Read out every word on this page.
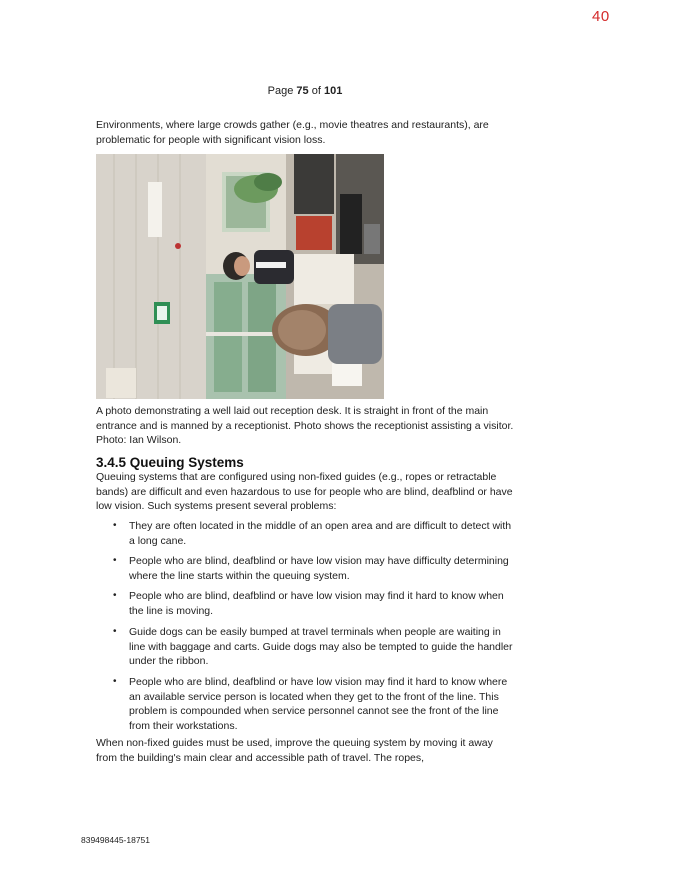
40
Page 75 of 101
Environments, where large crowds gather (e.g., movie theatres and restaurants), are problematic for people with significant vision loss.
A photo demonstrating a well laid out reception desk. It is straight in front of the main entrance and is manned by a receptionist. Photo shows the receptionist assisting a visitor. Photo: Ian Wilson.
3.4.5 Queuing Systems
Queuing systems that are configured using non-fixed guides (e.g., ropes or retractable bands) are difficult and even hazardous to use for people who are blind, deafblind or have low vision. Such systems present several problems:
• They are often located in the middle of an open area and are difficult to detect with a long cane.
• People who are blind, deafblind or have low vision may have difficulty determining where the line starts within the queuing system.
• People who are blind, deafblind or have low vision may find it hard to know when the line is moving.
• Guide dogs can be easily bumped at travel terminals when people are waiting in line with baggage and carts. Guide dogs may also be tempted to guide the handler under the ribbon.
• People who are blind, deafblind or have low vision may find it hard to know where an available service person is located when they get to the front of the line. This problem is compounded when service personnel cannot see the front of the line from their workstations.
When non-fixed guides must be used, improve the queuing system by moving it away from the building's main clear and accessible path of travel. The ropes,
839498445-18751
